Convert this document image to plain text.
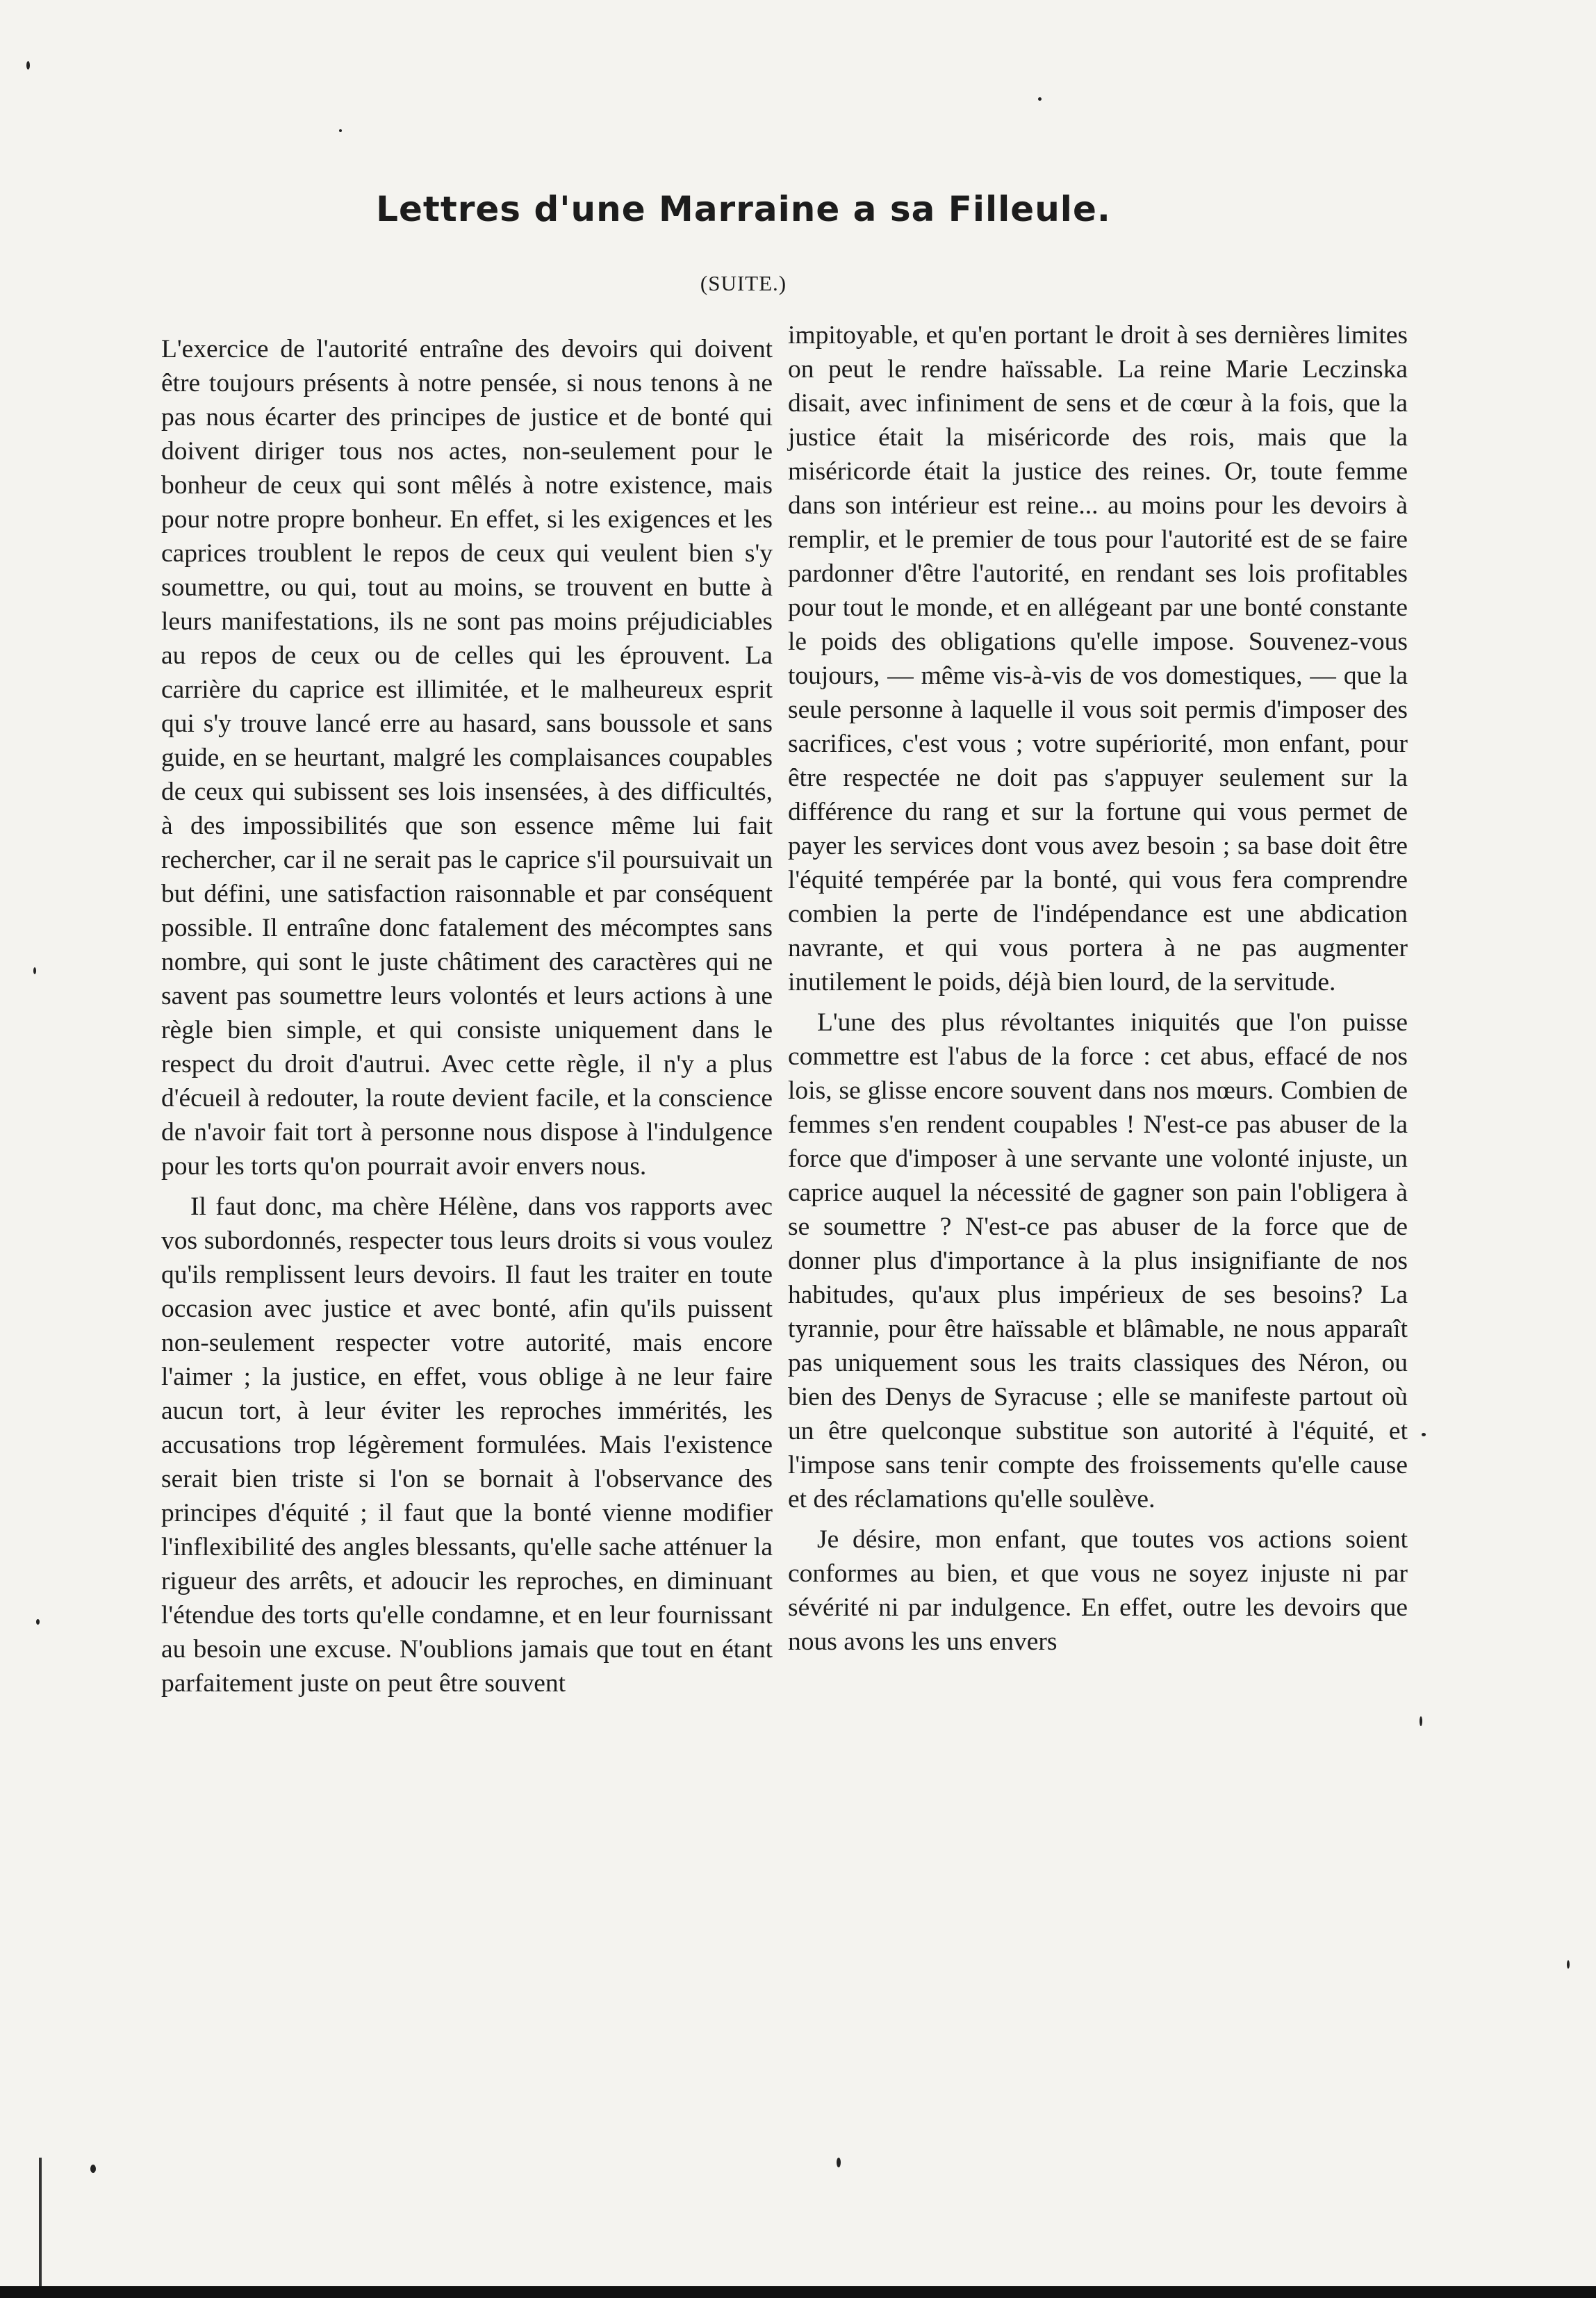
Lettres d'une Marraine a sa Filleule.
(SUITE.)

L'exercice de l'autorité entraîne des devoirs qui doivent être toujours présents à notre pensée, si nous tenons à ne pas nous écarter des principes de justice et de bonté qui doivent diriger tous nos actes, non-seulement pour le bonheur de ceux qui sont mêlés à notre existence, mais pour notre propre bonheur. En effet, si les exigences et les caprices troublent le repos de ceux qui veulent bien s'y soumettre, ou qui, tout au moins, se trouvent en butte à leurs manifestations, ils ne sont pas moins préjudiciables au repos de ceux ou de celles qui les éprouvent. La carrière du caprice est illimitée, et le malheureux esprit qui s'y trouve lancé erre au hasard, sans boussole et sans guide, en se heurtant, malgré les complaisances coupables de ceux qui subissent ses lois insensées, à des difficultés, à des impossibilités que son essence même lui fait rechercher, car il ne serait pas le caprice s'il poursuivait un but défini, une satisfaction raisonnable et par conséquent possible. Il entraîne donc fatalement des mécomptes sans nombre, qui sont le juste châtiment des caractères qui ne savent pas soumettre leurs volontés et leurs actions à une règle bien simple, et qui consiste uniquement dans le respect du droit d'autrui. Avec cette règle, il n'y a plus d'écueil à redouter, la route devient facile, et la conscience de n'avoir fait tort à personne nous dispose à l'indulgence pour les torts qu'on pourrait avoir envers nous.

Il faut donc, ma chère Hélène, dans vos rapports avec vos subordonnés, respecter tous leurs droits si vous voulez qu'ils remplissent leurs devoirs. Il faut les traiter en toute occasion avec justice et avec bonté, afin qu'ils puissent non-seulement respecter votre autorité, mais encore l'aimer ; la justice, en effet, vous oblige à ne leur faire aucun tort, à leur éviter les reproches immérités, les accusations trop légèrement formulées. Mais l'existence serait bien triste si l'on se bornait à l'observance des principes d'équité ; il faut que la bonté vienne modifier l'inflexibilité des angles blessants, qu'elle sache atténuer la rigueur des arrêts, et adoucir les reproches, en diminuant l'étendue des torts qu'elle condamne, et en leur fournissant au besoin une excuse. N'oublions jamais que tout en étant parfaitement juste on peut être souvent

impitoyable, et qu'en portant le droit à ses dernières limites on peut le rendre haïssable. La reine Marie Leczinska disait, avec infiniment de sens et de cœur à la fois, que la justice était la miséricorde des rois, mais que la miséricorde était la justice des reines. Or, toute femme dans son intérieur est reine... au moins pour les devoirs à remplir, et le premier de tous pour l'autorité est de se faire pardonner d'être l'autorité, en rendant ses lois profitables pour tout le monde, et en allégeant par une bonté constante le poids des obligations qu'elle impose. Souvenez-vous toujours, — même vis-à-vis de vos domestiques, — que la seule personne à laquelle il vous soit permis d'imposer des sacrifices, c'est vous ; votre supériorité, mon enfant, pour être respectée ne doit pas s'appuyer seulement sur la différence du rang et sur la fortune qui vous permet de payer les services dont vous avez besoin ; sa base doit être l'équité tempérée par la bonté, qui vous fera comprendre combien la perte de l'indépendance est une abdication navrante, et qui vous portera à ne pas augmenter inutilement le poids, déjà bien lourd, de la servitude.

L'une des plus révoltantes iniquités que l'on puisse commettre est l'abus de la force : cet abus, effacé de nos lois, se glisse encore souvent dans nos mœurs. Combien de femmes s'en rendent coupables ! N'est-ce pas abuser de la force que d'imposer à une servante une volonté injuste, un caprice auquel la nécessité de gagner son pain l'obligera à se soumettre ? N'est-ce pas abuser de la force que de donner plus d'importance à la plus insignifiante de nos habitudes, qu'aux plus impérieux de ses besoins? La tyrannie, pour être haïssable et blâmable, ne nous apparaît pas uniquement sous les traits classiques des Néron, ou bien des Denys de Syracuse ; elle se manifeste partout où un être quelconque substitue son autorité à l'équité, et l'impose sans tenir compte des froissements qu'elle cause et des réclamations qu'elle soulève.

Je désire, mon enfant, que toutes vos actions soient conformes au bien, et que vous ne soyez injuste ni par sévérité ni par indulgence. En effet, outre les devoirs que nous avons les uns envers
